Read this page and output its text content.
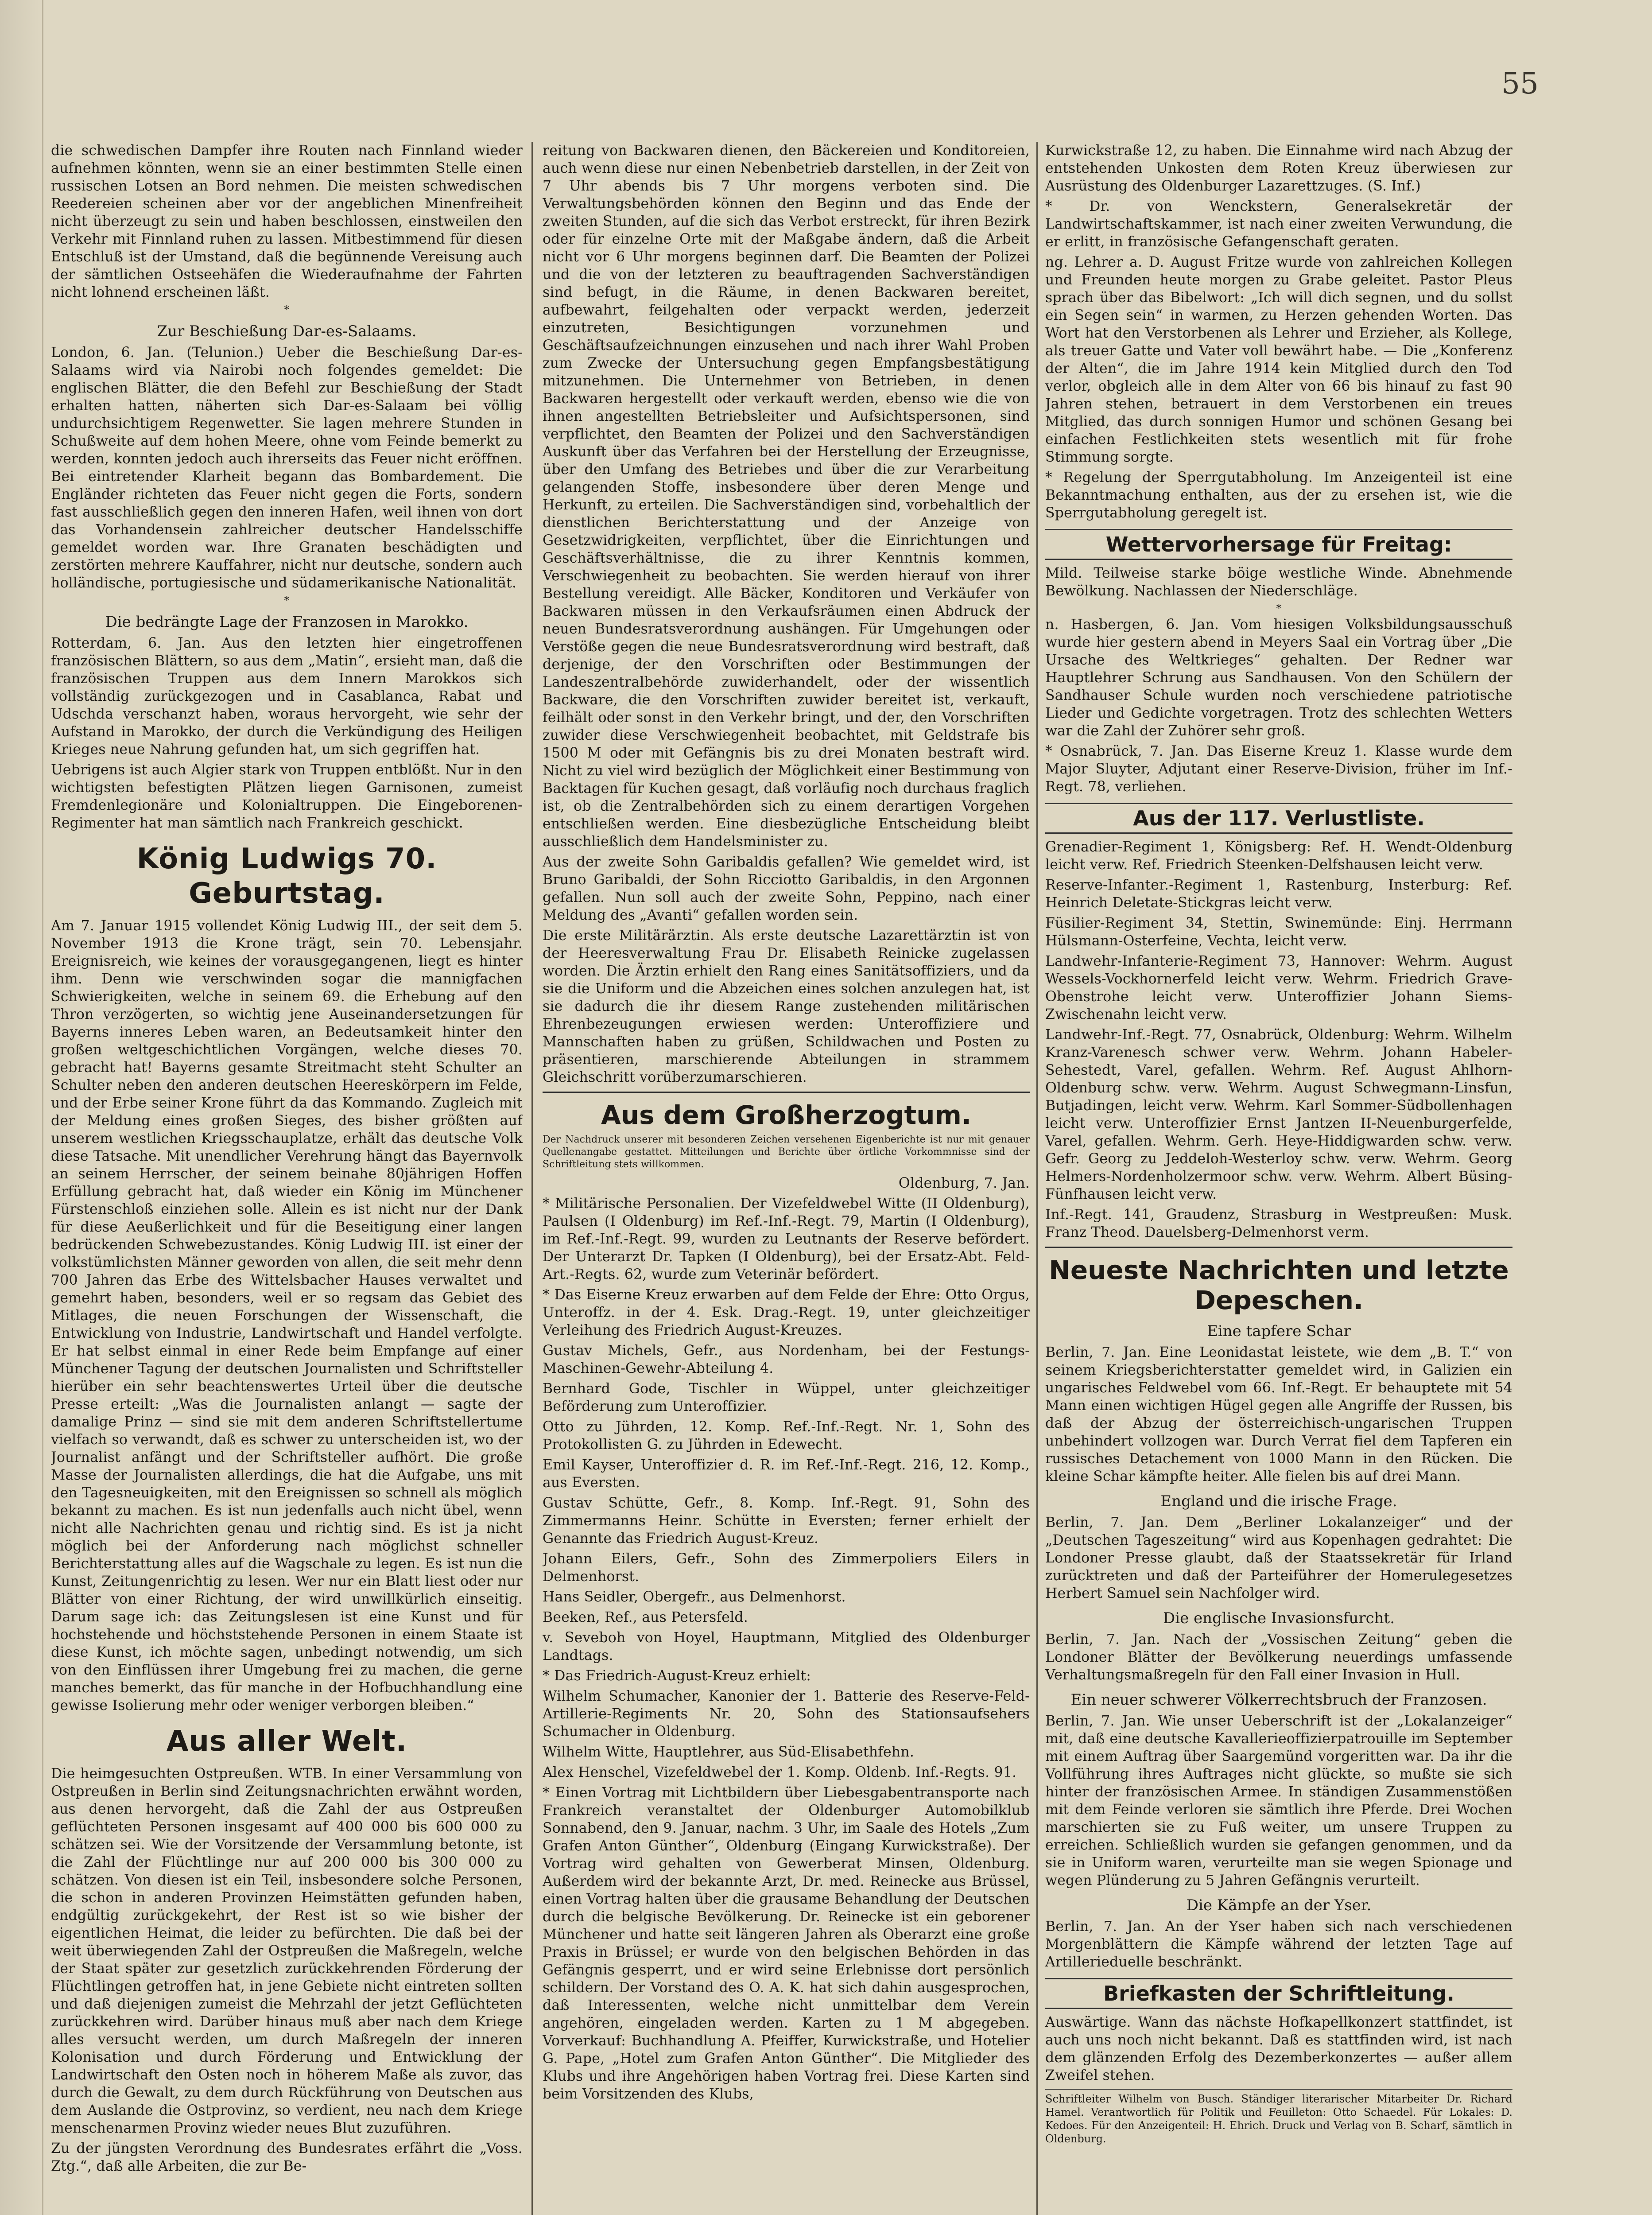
55

die schwedischen Dampfer ihre Routen nach Finnland wieder aufnehmen könnten, wenn sie an einer bestimmten Stelle einen russischen Lotsen an Bord nehmen. Die meisten schwedischen Reedereien scheinen aber vor der angeblichen Minenfreiheit nicht überzeugt zu sein und haben beschlossen, einstweilen den Verkehr mit Finnland ruhen zu lassen. Mitbestimmend für diesen Entschluß ist der Umstand, daß die begünnende Vereisung auch der sämtlichen Ostseehäfen die Wiederaufnahme der Fahrten nicht lohnend erscheinen läßt.

*
Zur Beschießung Dar-es-Salaams.

London, 6. Jan. (Telunion.) Ueber die Beschießung Dar-es-Salaams wird via Nairobi noch folgendes gemeldet: Die englischen Blätter, die den Befehl zur Beschießung der Stadt erhalten hatten, näherten sich Dar-es-Salaam bei völlig undurchsichtigem Regenwetter. Sie lagen mehrere Stunden in Schußweite auf dem hohen Meere, ohne vom Feinde bemerkt zu werden, konnten jedoch auch ihrerseits das Feuer nicht eröffnen. Bei eintretender Klarheit begann das Bombardement. Die Engländer richteten das Feuer nicht gegen die Forts, sondern fast ausschließlich gegen den inneren Hafen, weil ihnen von dort das Vorhandensein zahlreicher deutscher Handelsschiffe gemeldet worden war. Ihre Granaten beschädigten und zerstörten mehrere Kauffahrer, nicht nur deutsche, sondern auch holländische, portugiesische und südamerikanische Nationalität.

*
Die bedrängte Lage der Franzosen in Marokko.

Rotterdam, 6. Jan. Aus den letzten hier eingetroffenen französischen Blättern, so aus dem „Matin“, ersieht man, daß die französischen Truppen aus dem Innern Marokkos sich vollständig zurückgezogen und in Casablanca, Rabat und Udschda verschanzt haben, woraus hervorgeht, wie sehr der Aufstand in Marokko, der durch die Verkündigung des Heiligen Krieges neue Nahrung gefunden hat, um sich gegriffen hat.

Uebrigens ist auch Algier stark von Truppen entblößt. Nur in den wichtigsten befestigten Plätzen liegen Garnisonen, zumeist Fremdenlegionäre und Kolonialtruppen. Die Eingeborenen-Regimenter hat man sämtlich nach Frankreich geschickt.

König Ludwigs 70. Geburtstag.

Am 7. Januar 1915 vollendet König Ludwig III., der seit dem 5. November 1913 die Krone trägt, sein 70. Lebensjahr. Ereignisreich, wie keines der vorausgegangenen, liegt es hinter ihm. Denn wie verschwinden sogar die mannigfachen Schwierigkeiten, welche in seinem 69. die Erhebung auf den Thron verzögerten, so wichtig jene Auseinandersetzungen für Bayerns inneres Leben waren, an Bedeutsamkeit hinter den großen weltgeschichtlichen Vorgängen, welche dieses 70. gebracht hat! Bayerns gesamte Streitmacht steht Schulter an Schulter neben den anderen deutschen Heereskörpern im Felde, und der Erbe seiner Krone führt da das Kommando. Zugleich mit der Meldung eines großen Sieges, des bisher größten auf unserem westlichen Kriegsschauplatze, erhält das deutsche Volk diese Tatsache. Mit unendlicher Verehrung hängt das Bayernvolk an seinem Herrscher, der seinem beinahe 80jährigen Hoffen Erfüllung gebracht hat, daß wieder ein König im Münchener Fürstenschloß einziehen solle. Allein es ist nicht nur der Dank für diese Aeußerlichkeit und für die Beseitigung einer langen bedrückenden Schwebezustandes. König Ludwig III. ist einer der volkstümlichsten Männer geworden von allen, die seit mehr denn 700 Jahren das Erbe des Wittelsbacher Hauses verwaltet und gemehrt haben, besonders, weil er so regsam das Gebiet des Mitlages, die neuen Forschungen der Wissenschaft, die Entwicklung von Industrie, Landwirtschaft und Handel verfolgte. Er hat selbst einmal in einer Rede beim Empfange auf einer Münchener Tagung der deutschen Journalisten und Schriftsteller hierüber ein sehr beachtenswertes Urteil über die deutsche Presse erteilt: „Was die Journalisten anlangt — sagte der damalige Prinz — sind sie mit dem anderen Schriftstellertume vielfach so verwandt, daß es schwer zu unterscheiden ist, wo der Journalist anfängt und der Schriftsteller aufhört. Die große Masse der Journalisten allerdings, die hat die Aufgabe, uns mit den Tagesneuigkeiten, mit den Ereignissen so schnell als möglich bekannt zu machen. Es ist nun jedenfalls auch nicht übel, wenn nicht alle Nachrichten genau und richtig sind. Es ist ja nicht möglich bei der Anforderung nach möglichst schneller Berichterstattung alles auf die Wagschale zu legen. Es ist nun die Kunst, Zeitungenrichtig zu lesen. Wer nur ein Blatt liest oder nur Blätter von einer Richtung, der wird unwillkürlich einseitig. Darum sage ich: das Zeitungslesen ist eine Kunst und für hochstehende und höchststehende Personen in einem Staate ist diese Kunst, ich möchte sagen, unbedingt notwendig, um sich von den Einflüssen ihrer Umgebung frei zu machen, die gerne manches bemerkt, das für manche in der Hofbuchhandlung eine gewisse Isolierung mehr oder weniger verborgen bleiben.“

Aus aller Welt.

Die heimgesuchten Ostpreußen. WTB. In einer Versammlung von Ostpreußen in Berlin sind Zeitungsnachrichten erwähnt worden, aus denen hervorgeht, daß die Zahl der aus Ostpreußen geflüchteten Personen insgesamt auf 400 000 bis 600 000 zu schätzen sei. Wie der Vorsitzende der Versammlung betonte, ist die Zahl der Flüchtlinge nur auf 200 000 bis 300 000 zu schätzen. Von diesen ist ein Teil, insbesondere solche Personen, die schon in anderen Provinzen Heimstätten gefunden haben, endgültig zurückgekehrt, der Rest ist so wie bisher der eigentlichen Heimat, die leider zu befürchten. Die daß bei der weit überwiegenden Zahl der Ostpreußen die Maßregeln, welche der Staat später zur gesetzlich zurückkehrenden Förderung der Flüchtlingen getroffen hat, in jene Gebiete nicht eintreten sollten und daß diejenigen zumeist die Mehrzahl der jetzt Geflüchteten zurückkehren wird. Darüber hinaus muß aber nach dem Kriege alles versucht werden, um durch Maßregeln der inneren Kolonisation und durch Förderung und Entwicklung der Landwirtschaft den Osten noch in höherem Maße als zuvor, das durch die Gewalt, zu dem durch Rückführung von Deutschen aus dem Auslande die Ostprovinz, so verdient, neu nach dem Kriege menschenarmen Provinz wieder neues Blut zuzuführen.

Zu der jüngsten Verordnung des Bundesrates erfährt die „Voss. Ztg.“, daß alle Arbeiten, die zur Be-

reitung von Backwaren dienen, den Bäckereien und Konditoreien, auch wenn diese nur einen Nebenbetrieb darstellen, in der Zeit von 7 Uhr abends bis 7 Uhr morgens verboten sind. Die Verwaltungsbehörden können den Beginn und das Ende der zweiten Stunden, auf die sich das Verbot erstreckt, für ihren Bezirk oder für einzelne Orte mit der Maßgabe ändern, daß die Arbeit nicht vor 6 Uhr morgens beginnen darf. Die Beamten der Polizei und die von der letzteren zu beauftragenden Sachverständigen sind befugt, in die Räume, in denen Backwaren bereitet, aufbewahrt, feilgehalten oder verpackt werden, jederzeit einzutreten, Besichtigungen vorzunehmen und Geschäftsaufzeichnungen einzusehen und nach ihrer Wahl Proben zum Zwecke der Untersuchung gegen Empfangsbestätigung mitzunehmen. Die Unternehmer von Betrieben, in denen Backwaren hergestellt oder verkauft werden, ebenso wie die von ihnen angestellten Betriebsleiter und Aufsichtspersonen, sind verpflichtet, den Beamten der Polizei und den Sachverständigen Auskunft über das Verfahren bei der Herstellung der Erzeugnisse, über den Umfang des Betriebes und über die zur Verarbeitung gelangenden Stoffe, insbesondere über deren Menge und Herkunft, zu erteilen. Die Sachverständigen sind, vorbehaltlich der dienstlichen Berichterstattung und der Anzeige von Gesetzwidrigkeiten, verpflichtet, über die Einrichtungen und Geschäftsverhältnisse, die zu ihrer Kenntnis kommen, Verschwiegenheit zu beobachten. Sie werden hierauf von ihrer Bestellung vereidigt. Alle Bäcker, Konditoren und Verkäufer von Backwaren müssen in den Verkaufsräumen einen Abdruck der neuen Bundesratsverordnung aushängen. Für Umgehungen oder Verstöße gegen die neue Bundesratsverordnung wird bestraft, daß derjenige, der den Vorschriften oder Bestimmungen der Landeszentralbehörde zuwiderhandelt, oder der wissentlich Backware, die den Vorschriften zuwider bereitet ist, verkauft, feilhält oder sonst in den Verkehr bringt, und der, den Vorschriften zuwider diese Verschwiegenheit beobachtet, mit Geldstrafe bis 1500 M oder mit Gefängnis bis zu drei Monaten bestraft wird. Nicht zu viel wird bezüglich der Möglichkeit einer Bestimmung von Backtagen für Kuchen gesagt, daß vorläufig noch durchaus fraglich ist, ob die Zentralbehörden sich zu einem derartigen Vorgehen entschließen werden. Eine diesbezügliche Entscheidung bleibt ausschließlich dem Handelsminister zu.

Aus der zweite Sohn Garibaldis gefallen? Wie gemeldet wird, ist Bruno Garibaldi, der Sohn Ricciotto Garibaldis, in den Argonnen gefallen. Nun soll auch der zweite Sohn, Peppino, nach einer Meldung des „Avanti“ gefallen worden sein.

Die erste Militärärztin. Als erste deutsche Lazarettärztin ist von der Heeresverwaltung Frau Dr. Elisabeth Reinicke zugelassen worden. Die Ärztin erhielt den Rang eines Sanitätsoffiziers, und da sie die Uniform und die Abzeichen eines solchen anzulegen hat, ist sie dadurch die ihr diesem Range zustehenden militärischen Ehrenbezeugungen erwiesen werden: Unteroffiziere und Mannschaften haben zu grüßen, Schildwachen und Posten zu präsentieren, marschierende Abteilungen in strammem Gleichschritt vorüberzumarschieren.

Aus dem Großherzogtum.

Der Nachdruck unserer mit besonderen Zeichen versehenen Eigenberichte ist nur mit genauer Quellenangabe gestattet. Mitteilungen und Berichte über örtliche Vorkommnisse sind der Schriftleitung stets willkommen.

Oldenburg, 7. Jan.

* Militärische Personalien. Der Vizefeldwebel Witte (II Oldenburg), Paulsen (I Oldenburg) im Ref.-Inf.-Regt. 79, Martin (I Oldenburg), im Ref.-Inf.-Regt. 99, wurden zu Leutnants der Reserve befördert. Der Unterarzt Dr. Tapken (I Oldenburg), bei der Ersatz-Abt. Feld-Art.-Regts. 62, wurde zum Veterinär befördert.

* Das Eiserne Kreuz erwarben auf dem Felde der Ehre: Otto Orgus, Unteroffz. in der 4. Esk. Drag.-Regt. 19, unter gleichzeitiger Verleihung des Friedrich August-Kreuzes.

Gustav Michels, Gefr., aus Nordenham, bei der Festungs-Maschinen-Gewehr-Abteilung 4.

Bernhard Gode, Tischler in Wüppel, unter gleichzeitiger Beförderung zum Unteroffizier.

Otto zu Jührden, 12. Komp. Ref.-Inf.-Regt. Nr. 1, Sohn des Protokollisten G. zu Jührden in Edewecht.

Emil Kayser, Unteroffizier d. R. im Ref.-Inf.-Regt. 216, 12. Komp., aus Eversten.

Gustav Schütte, Gefr., 8. Komp. Inf.-Regt. 91, Sohn des Zimmermanns Heinr. Schütte in Eversten; ferner erhielt der Genannte das Friedrich August-Kreuz.

Johann Eilers, Gefr., Sohn des Zimmerpoliers Eilers in Delmenhorst.

Hans Seidler, Obergefr., aus Delmenhorst.

Beeken, Ref., aus Petersfeld.

v. Seveboh von Hoyel, Hauptmann, Mitglied des Oldenburger Landtags.

* Das Friedrich-August-Kreuz erhielt:

Wilhelm Schumacher, Kanonier der 1. Batterie des Reserve-Feld-Artillerie-Regiments Nr. 20, Sohn des Stationsaufsehers Schumacher in Oldenburg.

Wilhelm Witte, Hauptlehrer, aus Süd-Elisabethfehn.

Alex Henschel, Vizefeldwebel der 1. Komp. Oldenb. Inf.-Regts. 91.

* Einen Vortrag mit Lichtbildern über Liebesgabentransporte nach Frankreich veranstaltet der Oldenburger Automobilklub Sonnabend, den 9. Januar, nachm. 3 Uhr, im Saale des Hotels „Zum Grafen Anton Günther“, Oldenburg (Eingang Kurwickstraße). Der Vortrag wird gehalten von Gewerberat Minsen, Oldenburg. Außerdem wird der bekannte Arzt, Dr. med. Reinecke aus Brüssel, einen Vortrag halten über die grausame Behandlung der Deutschen durch die belgische Bevölkerung. Dr. Reinecke ist ein geborener Münchener und hatte seit längeren Jahren als Oberarzt eine große Praxis in Brüssel; er wurde von den belgischen Behörden in das Gefängnis gesperrt, und er wird seine Erlebnisse dort persönlich schildern. Der Vorstand des O. A. K. hat sich dahin ausgesprochen, daß Interessenten, welche nicht unmittelbar dem Verein angehören, eingeladen werden. Karten zu 1 M abgegeben. Vorverkauf: Buchhandlung A. Pfeiffer, Kurwickstraße, und Hotelier G. Pape, „Hotel zum Grafen Anton Günther“. Die Mitglieder des Klubs und ihre Angehörigen haben Vortrag frei. Diese Karten sind beim Vorsitzenden des Klubs,

Kurwickstraße 12, zu haben. Die Einnahme wird nach Abzug der entstehenden Unkosten dem Roten Kreuz überwiesen zur Ausrüstung des Oldenburger Lazarettzuges. (S. Inf.)

* Dr. von Wenckstern, Generalsekretär der Landwirtschaftskammer, ist nach einer zweiten Verwundung, die er erlitt, in französische Gefangenschaft geraten.

ng. Lehrer a. D. August Fritze wurde von zahlreichen Kollegen und Freunden heute morgen zu Grabe geleitet. Pastor Pleus sprach über das Bibelwort: „Ich will dich segnen, und du sollst ein Segen sein“ in warmen, zu Herzen gehenden Worten. Das Wort hat den Verstorbenen als Lehrer und Erzieher, als Kollege, als treuer Gatte und Vater voll bewährt habe. — Die „Konferenz der Alten“, die im Jahre 1914 kein Mitglied durch den Tod verlor, obgleich alle in dem Alter von 66 bis hinauf zu fast 90 Jahren stehen, betrauert in dem Verstorbenen ein treues Mitglied, das durch sonnigen Humor und schönen Gesang bei einfachen Festlichkeiten stets wesentlich mit für frohe Stimmung sorgte.

* Regelung der Sperrgutabholung. Im Anzeigenteil ist eine Bekanntmachung enthalten, aus der zu ersehen ist, wie die Sperrgutabholung geregelt ist.

Wettervorhersage für Freitag:

Mild. Teilweise starke böige westliche Winde. Abnehmende Bewölkung. Nachlassen der Niederschläge.

*

n. Hasbergen, 6. Jan. Vom hiesigen Volksbildungsausschuß wurde hier gestern abend in Meyers Saal ein Vortrag über „Die Ursache des Weltkrieges“ gehalten. Der Redner war Hauptlehrer Schrung aus Sandhausen. Von den Schülern der Sandhauser Schule wurden noch verschiedene patriotische Lieder und Gedichte vorgetragen. Trotz des schlechten Wetters war die Zahl der Zuhörer sehr groß.

* Osnabrück, 7. Jan. Das Eiserne Kreuz 1. Klasse wurde dem Major Sluyter, Adjutant einer Reserve-Division, früher im Inf.-Regt. 78, verliehen.

Aus der 117. Verlustliste.

Grenadier-Regiment 1, Königsberg: Ref. H. Wendt-Oldenburg leicht verw. Ref. Friedrich Steenken-Delfshausen leicht verw.

Reserve-Infanter.-Regiment 1, Rastenburg, Insterburg: Ref. Heinrich Deletate-Stickgras leicht verw.

Füsilier-Regiment 34, Stettin, Swinemünde: Einj. Herrmann Hülsmann-Osterfeine, Vechta, leicht verw.

Landwehr-Infanterie-Regiment 73, Hannover: Wehrm. August Wessels-Vockhornerfeld leicht verw. Wehrm. Friedrich Grave-Obenstrohe leicht verw. Unteroffizier Johann Siems-Zwischenahn leicht verw.

Landwehr-Inf.-Regt. 77, Osnabrück, Oldenburg: Wehrm. Wilhelm Kranz-Varenesch schwer verw. Wehrm. Johann Habeler-Sehestedt, Varel, gefallen. Wehrm. Ref. August Ahlhorn-Oldenburg schw. verw. Wehrm. August Schwegmann-Linsfun, Butjadingen, leicht verw. Wehrm. Karl Sommer-Südbollenhagen leicht verw. Unteroffizier Ernst Jantzen II-Neuenburgerfelde, Varel, gefallen. Wehrm. Gerh. Heye-Hiddigwarden schw. verw. Gefr. Georg zu Jeddeloh-Westerloy schw. verw. Wehrm. Georg Helmers-Nordenholzermoor schw. verw. Wehrm. Albert Büsing-Fünfhausen leicht verw.

Inf.-Regt. 141, Graudenz, Strasburg in Westpreußen: Musk. Franz Theod. Dauelsberg-Delmenhorst verm.

Neueste Nachrichten und letzte Depeschen.
Eine tapfere Schar

Berlin, 7. Jan. Eine Leonidastat leistete, wie dem „B. T.“ von seinem Kriegsberichterstatter gemeldet wird, in Galizien ein ungarisches Feldwebel vom 66. Inf.-Regt. Er behauptete mit 54 Mann einen wichtigen Hügel gegen alle Angriffe der Russen, bis daß der Abzug der österreichisch-ungarischen Truppen unbehindert vollzogen war. Durch Verrat fiel dem Tapferen ein russisches Detachement von 1000 Mann in den Rücken. Die kleine Schar kämpfte heiter. Alle fielen bis auf drei Mann.

England und die irische Frage.

Berlin, 7. Jan. Dem „Berliner Lokalanzeiger“ und der „Deutschen Tageszeitung“ wird aus Kopenhagen gedrahtet: Die Londoner Presse glaubt, daß der Staatssekretär für Irland zurücktreten und daß der Parteiführer der Homerulegesetzes Herbert Samuel sein Nachfolger wird.

Die englische Invasionsfurcht.

Berlin, 7. Jan. Nach der „Vossischen Zeitung“ geben die Londoner Blätter der Bevölkerung neuerdings umfassende Verhaltungsmaßregeln für den Fall einer Invasion in Hull.

Ein neuer schwerer Völkerrechtsbruch der Franzosen.

Berlin, 7. Jan. Wie unser Ueberschrift ist der „Lokalanzeiger“ mit, daß eine deutsche Kavallerieoffizierpatrouille im September mit einem Auftrag über Saargemünd vorgeritten war. Da ihr die Vollführung ihres Auftrages nicht glückte, so mußte sie sich hinter der französischen Armee. In ständigen Zusammenstößen mit dem Feinde verloren sie sämtlich ihre Pferde. Drei Wochen marschierten sie zu Fuß weiter, um unsere Truppen zu erreichen. Schließlich wurden sie gefangen genommen, und da sie in Uniform waren, verurteilte man sie wegen Spionage und wegen Plünderung zu 5 Jahren Gefängnis verurteilt.

Die Kämpfe an der Yser.

Berlin, 7. Jan. An der Yser haben sich nach verschiedenen Morgenblättern die Kämpfe während der letzten Tage auf Artillerieduelle beschränkt.

Briefkasten der Schriftleitung.

Auswärtige. Wann das nächste Hofkapellkonzert stattfindet, ist auch uns noch nicht bekannt. Daß es stattfinden wird, ist nach dem glänzenden Erfolg des Dezemberkonzertes — außer allem Zweifel stehen.

Schriftleiter Wilhelm von Busch. Ständiger literarischer Mitarbeiter Dr. Richard Hamel. Verantwortlich für Politik und Feuilleton: Otto Schaedel. Für Lokales: D. Kedoes. Für den Anzeigenteil: H. Ehrich. Druck und Verlag von B. Scharf, sämtlich in Oldenburg.
